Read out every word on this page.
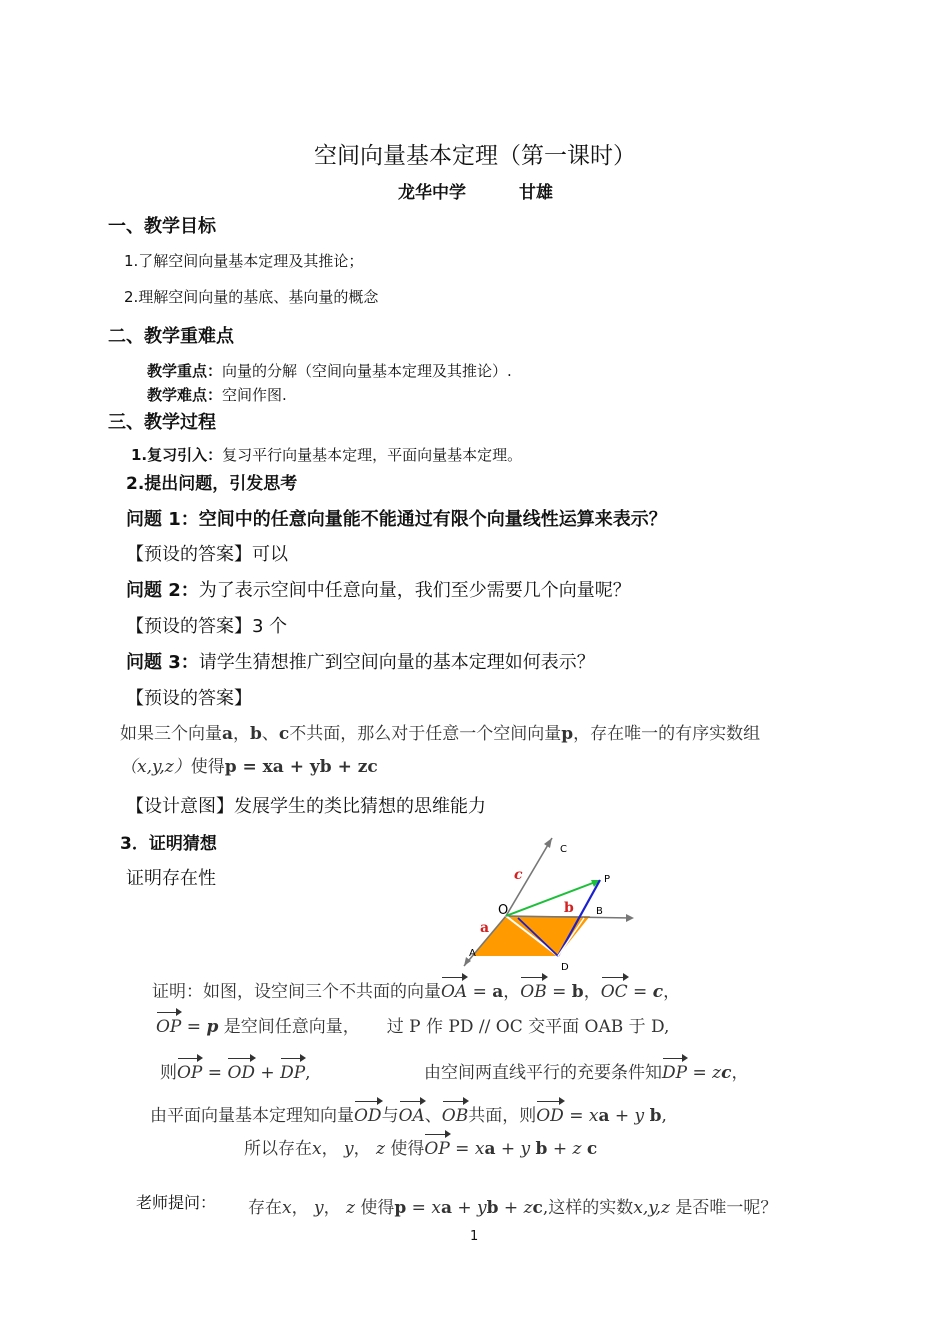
空间向量基本定理（第一课时）
龙华中学	甘雄
一、教学目标
1.了解空间向量基本定理及其推论；
2.理解空间向量的基底、基向量的概念
二、教学重难点
教学重点：向量的分解（空间向量基本定理及其推论）.
教学难点：空间作图.
三、教学过程
1.复习引入：复习平行向量基本定理，平面向量基本定理。
2.提出问题，引发思考
问题 1：空间中的任意向量能不能通过有限个向量线性运算来表示？
【预设的答案】可以
问题 2：为了表示空间中任意向量，我们至少需要几个向量呢？
【预设的答案】3 个
问题 3：请学生猜想推广到空间向量的基本定理如何表示？
【预设的答案】
如果三个向量a，b、c不共面，那么对于任意一个空间向量p，存在唯一的有序实数组
（x,y,z）使得p = xa + yb + zc
【设计意图】发展学生的类比猜想的思维能力
3．证明猜想
证明存在性
O
A
B
C
D
P
a
b
c
证明：如图，设空间三个不共面的向量OA = a，OB = b，OC = c，
OP = p 是空间任意向量， 过 P 作 PD // OC 交平面 OAB 于 D,
则OP = OD + DP,	由空间两直线平行的充要条件知DP = zc，
由平面向量基本定理知向量OD与OA、OB共面，则OD = xa + y b,
所以存在x， y， z 使得OP = xa + y b + z c
老师提问： 存在x， y， z 使得p = xa + yb + zc,这样的实数x,y,z 是否唯一呢？
1
